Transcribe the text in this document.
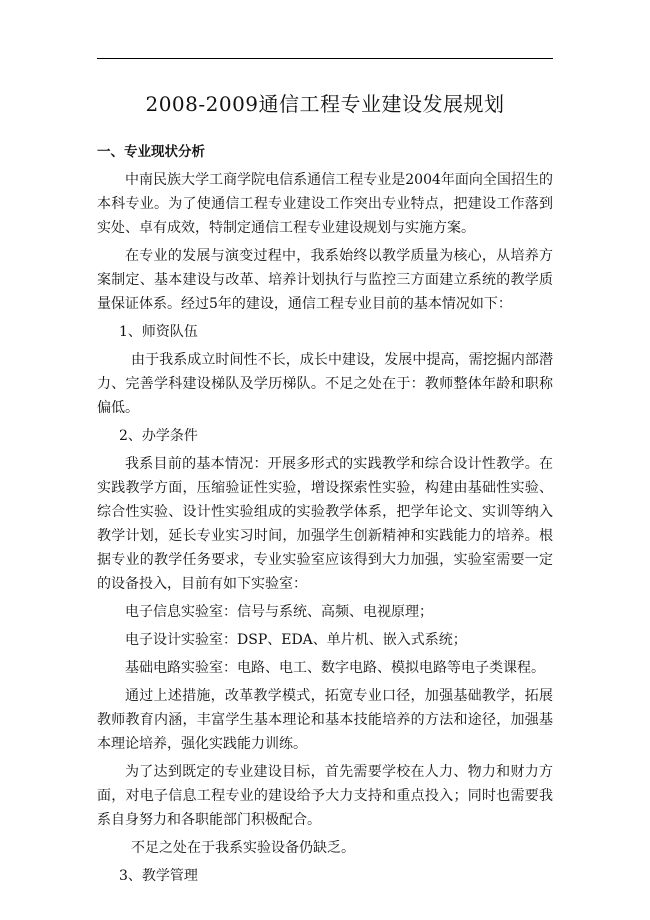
2008-2009通信工程专业建设发展规划
一、专业现状分析

中南民族大学工商学院电信系通信工程专业是2004年面向全国招生的本科专业。为了使通信工程专业建设工作突出专业特点，把建设工作落到实处、卓有成效，特制定通信工程专业建设规划与实施方案。

在专业的发展与演变过程中，我系始终以教学质量为核心，从培养方案制定、基本建设与改革、培养计划执行与监控三方面建立系统的教学质量保证体系。经过5年的建设，通信工程专业目前的基本情况如下：

1、师资队伍

由于我系成立时间性不长，成长中建设，发展中提高，需挖掘内部潜力、完善学科建设梯队及学历梯队。不足之处在于：教师整体年龄和职称偏低。

2、办学条件

我系目前的基本情况：开展多形式的实践教学和综合设计性教学。在实践教学方面，压缩验证性实验，增设探索性实验，构建由基础性实验、综合性实验、设计性实验组成的实验教学体系，把学年论文、实训等纳入教学计划，延长专业实习时间，加强学生创新精神和实践能力的培养。根据专业的教学任务要求，专业实验室应该得到大力加强，实验室需要一定的设备投入，目前有如下实验室：

电子信息实验室：信号与系统、高频、电视原理；

电子设计实验室：DSP、EDA、单片机、嵌入式系统；

基础电路实验室：电路、电工、数字电路、模拟电路等电子类课程。

通过上述措施，改革教学模式，拓宽专业口径，加强基础教学，拓展教师教育内涵，丰富学生基本理论和基本技能培养的方法和途径，加强基本理论培养，强化实践能力训练。

为了达到既定的专业建设目标，首先需要学校在人力、物力和财力方面，对电子信息工程专业的建设给予大力支持和重点投入；同时也需要我系自身努力和各职能部门积极配合。

不足之处在于我系实验设备仍缺乏。

3、教学管理
